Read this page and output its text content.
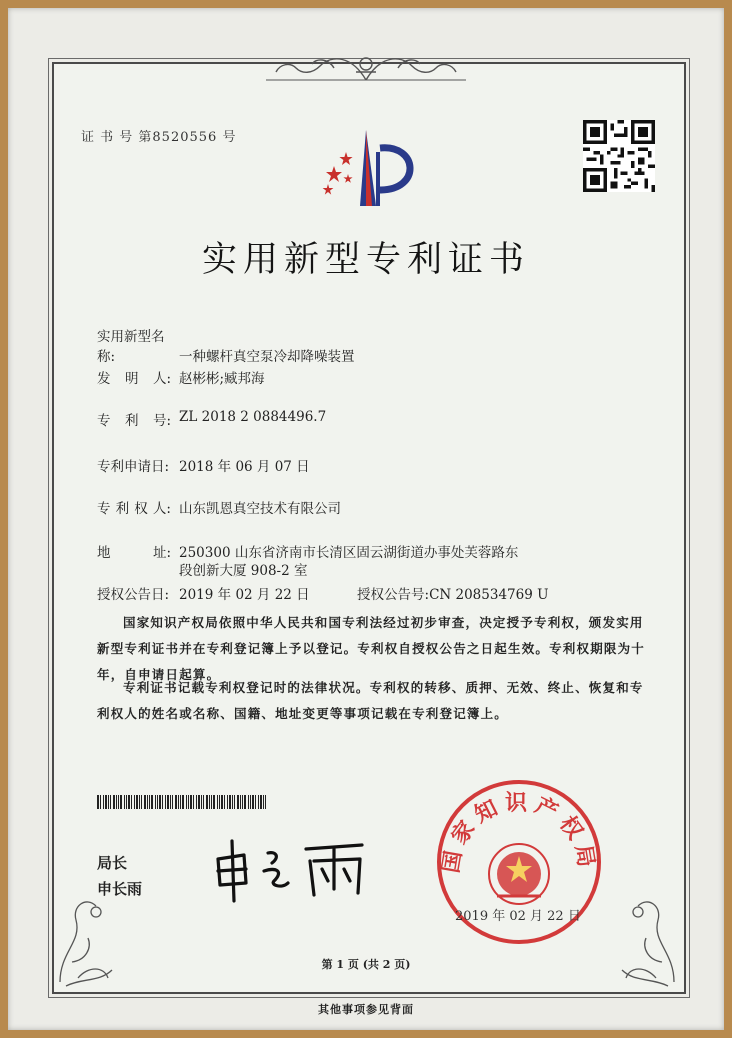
证 书 号 第8520556 号
实用新型专利证书
实用新型名称:	一种螺杆真空泵冷却降噪装置
发 明 人: 赵彬彬;臧邦海
专 利 号: ZL 2018 2 0884496.7
专利申请日: 2018 年 06 月 07 日
专 利 权 人: 山东凯恩真空技术有限公司
地	址: 250300 山东省济南市长清区固云湖街道办事处芙蓉路东
段创新大厦 908-2 室
授权公告日: 2019 年 02 月 22 日	授权公告号:CN 208534769 U
国家知识产权局依照中华人民共和国专利法经过初步审查，决定授予专利权，颁发实用新型专利证书并在专利登记簿上予以登记。专利权自授权公告之日起生效。专利权期限为十年，自申请日起算。
专利证书记载专利权登记时的法律状况。专利权的转移、质押、无效、终止、恢复和专利权人的姓名或名称、国籍、地址变更等事项记载在专利登记簿上。
局长
申长雨
国家知识产权局
2019 年 02 月 22 日
第 1 页 (共 2 页)
其他事项参见背面
